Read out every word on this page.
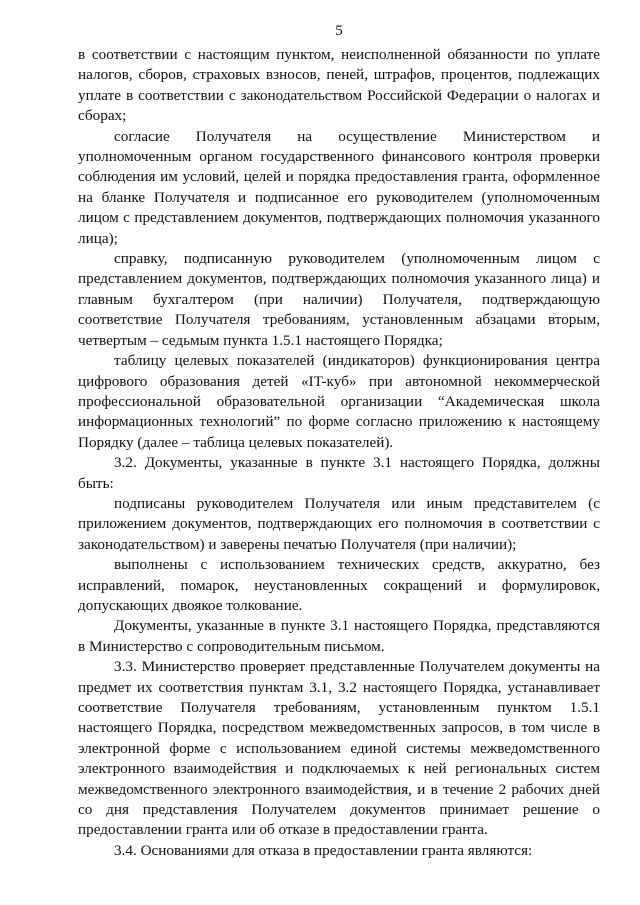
5

в соответствии с настоящим пунктом, неисполненной обязанности по уплате налогов, сборов, страховых взносов, пеней, штрафов, процентов, подлежащих уплате в соответствии с законодательством Российской Федерации о налогах и сборах;

согласие Получателя на осуществление Министерством и уполномоченным органом государственного финансового контроля проверки соблюдения им условий, целей и порядка предоставления гранта, оформленное на бланке Получателя и подписанное его руководителем (уполномоченным лицом с представлением документов, подтверждающих полномочия указанного лица);

справку, подписанную руководителем (уполномоченным лицом с представлением документов, подтверждающих полномочия указанного лица) и главным бухгалтером (при наличии) Получателя, подтверждающую соответствие Получателя требованиям, установленным абзацами вторым, четвертым – седьмым пункта 1.5.1 настоящего Порядка;

таблицу целевых показателей (индикаторов) функционирования центра цифрового образования детей «IT-куб» при автономной некоммерческой профессиональной образовательной организации “Академическая школа информационных технологий” по форме согласно приложению к настоящему Порядку (далее – таблица целевых показателей).

3.2. Документы, указанные в пункте 3.1 настоящего Порядка, должны быть:

подписаны руководителем Получателя или иным представителем (с приложением документов, подтверждающих его полномочия в соответствии с законодательством) и заверены печатью Получателя (при наличии);

выполнены с использованием технических средств, аккуратно, без исправлений, помарок, неустановленных сокращений и формулировок, допускающих двоякое толкование.

Документы, указанные в пункте 3.1 настоящего Порядка, представляются в Министерство с сопроводительным письмом.

3.3. Министерство проверяет представленные Получателем документы на предмет их соответствия пунктам 3.1, 3.2 настоящего Порядка, устанавливает соответствие Получателя требованиям, установленным пунктом 1.5.1 настоящего Порядка, посредством межведомственных запросов, в том числе в электронной форме с использованием единой системы межведомственного электронного взаимодействия и подключаемых к ней региональных систем межведомственного электронного взаимодействия, и в течение 2 рабочих дней со дня представления Получателем документов принимает решение о предоставлении гранта или об отказе в предоставлении гранта.

3.4. Основаниями для отказа в предоставлении гранта являются:
